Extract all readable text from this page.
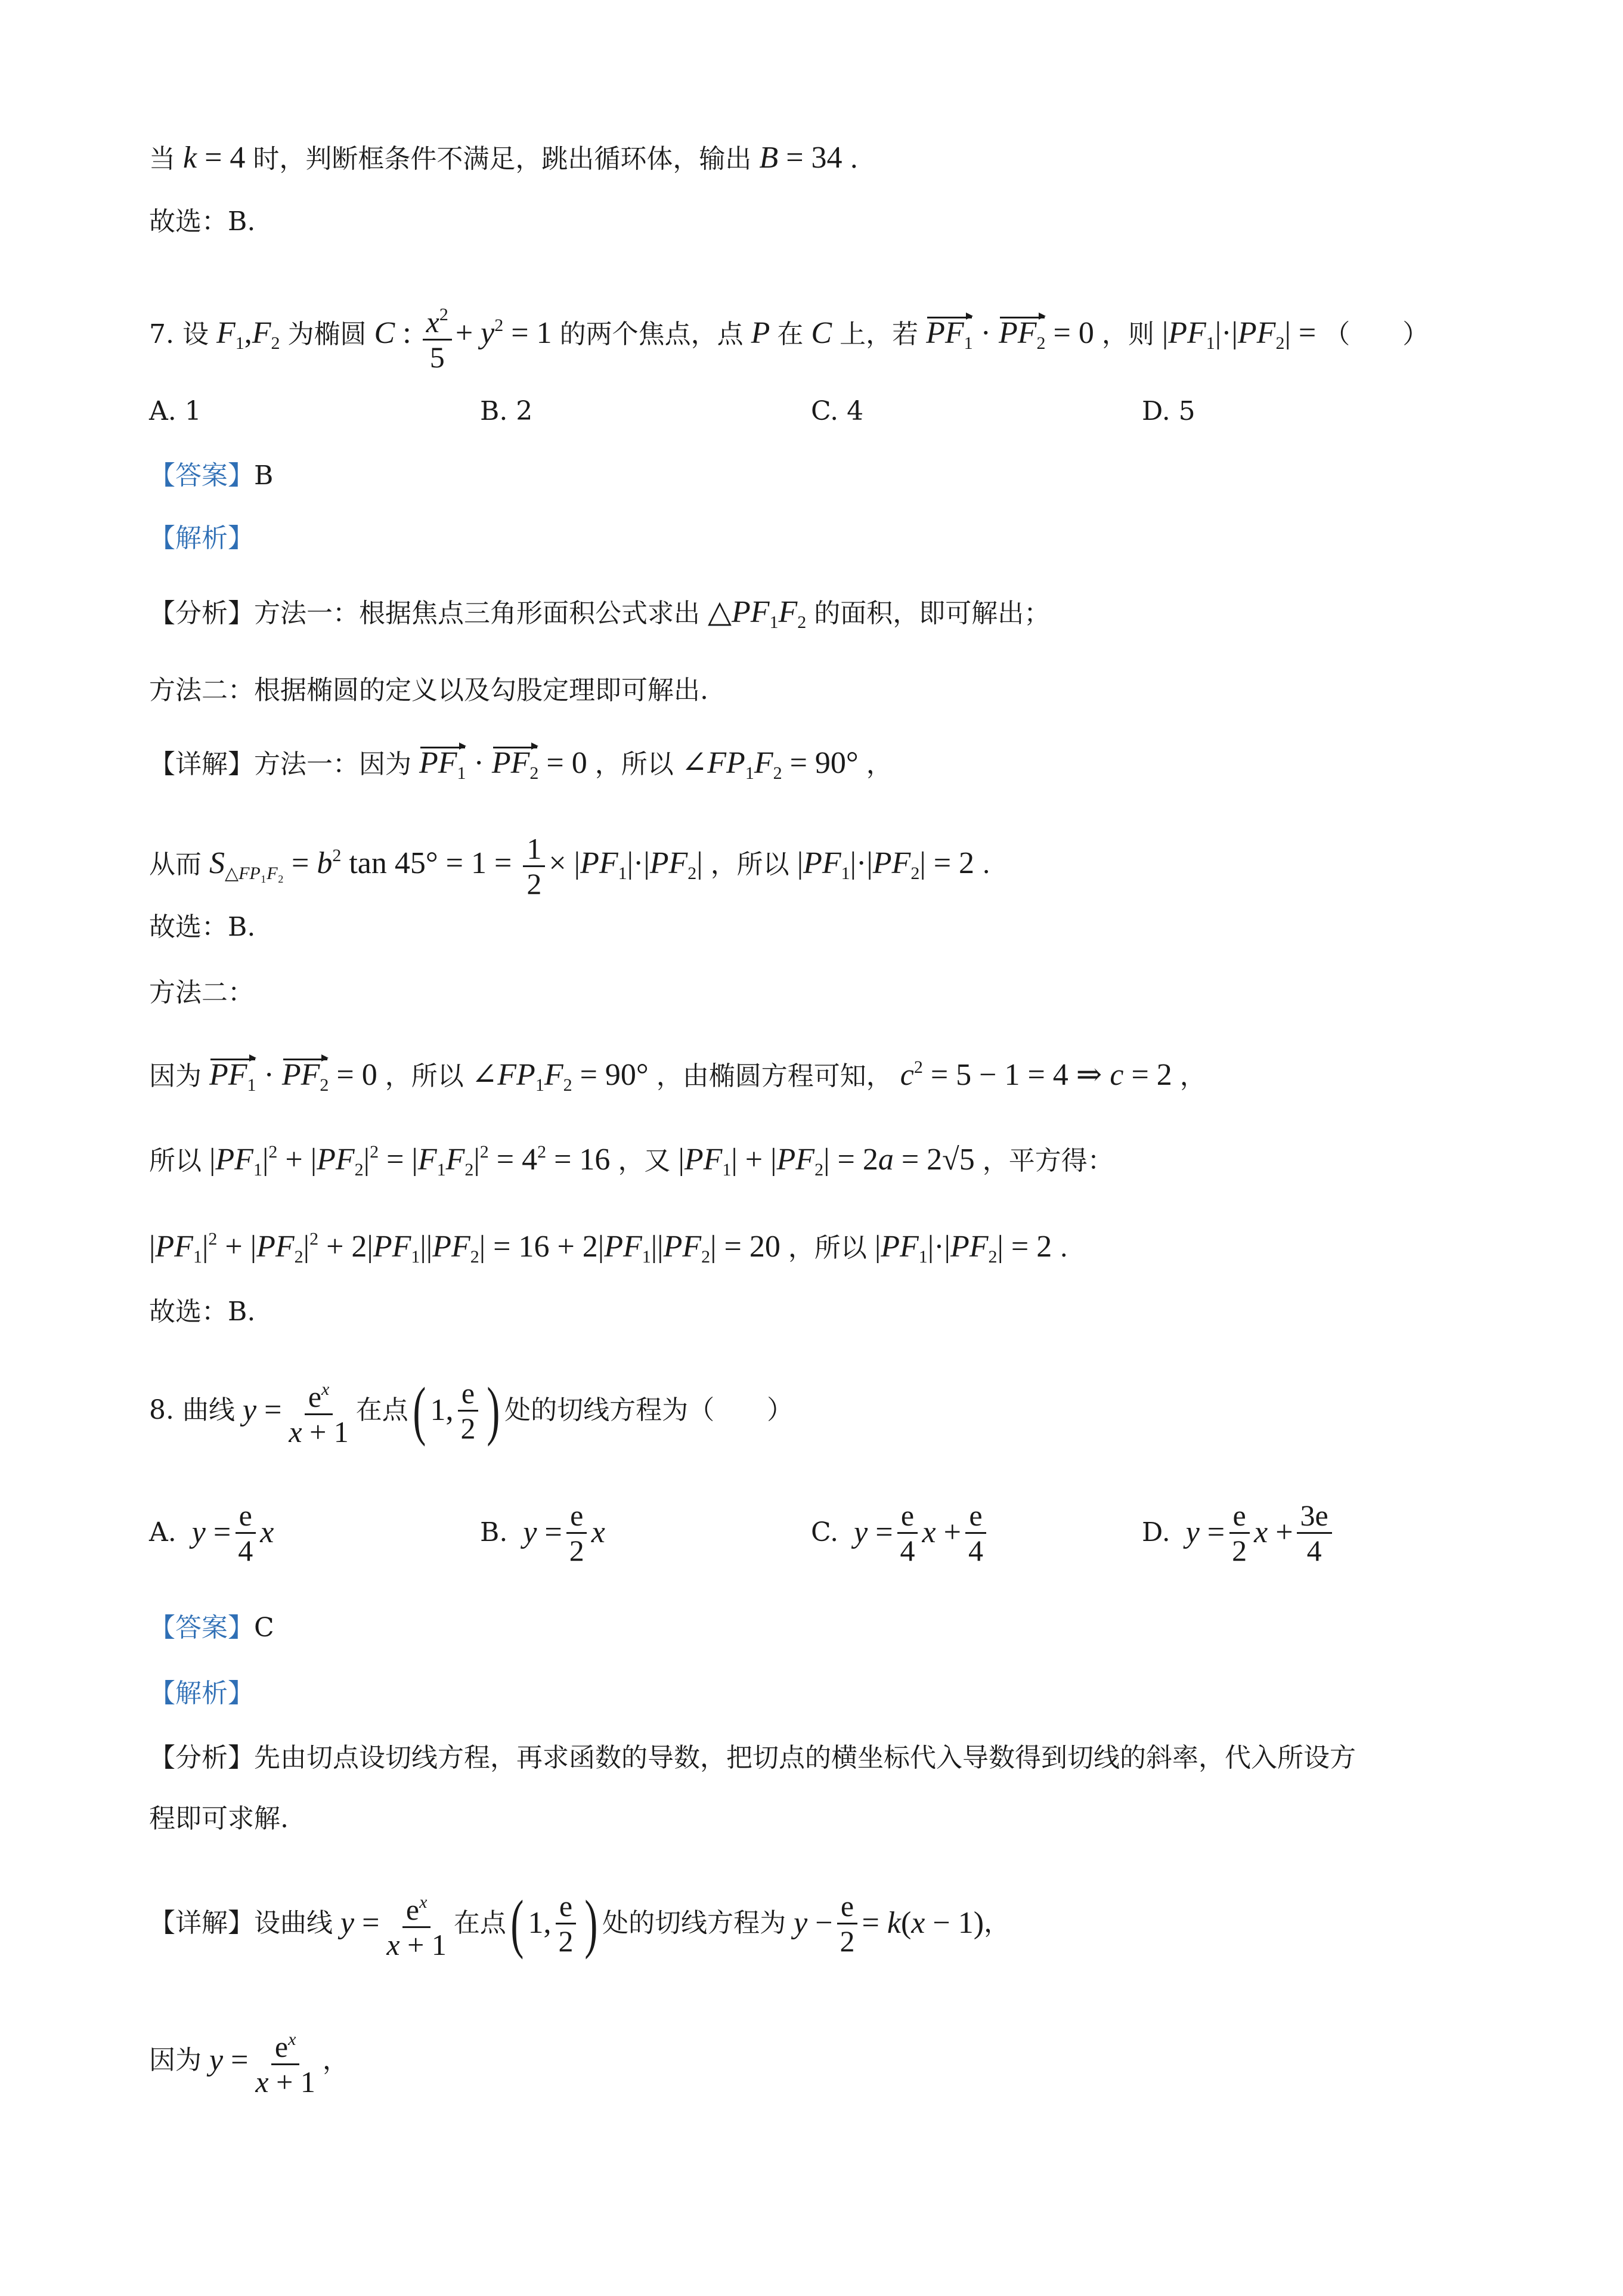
当 k = 4 时，判断框条件不满足，跳出循环体，输出 B = 34 ．
故选：B.
7. 设 $F_1,F_2$ 为椭圆 C : $\frac{x^2}{5} + y^2 = 1$ 的两个焦点，点 P 在 C 上，若 $PF_1 \cdot PF_2 = 0$ ，则 $|PF_1|\cdot|PF_2|$ = （　　）
A. 1	B. 2	C. 4	D. 5
【答案】B
【解析】
【分析】方法一：根据焦点三角形面积公式求出 $\triangle PF_1F_2$ 的面积，即可解出；
方法二：根据椭圆的定义以及勾股定理即可解出.
【详解】方法一：因为 $PF_1 \cdot PF_2 = 0$ ，所以 $\angle FP_1F_2 = 90^\circ$ ，
从而 $S_{\triangle FP_1F_2} = b^2$ $\tan 45^\circ = 1 = \frac{1}{2} \times |PF_1|\cdot|PF_2|$ ，所以 $|PF_1|\cdot|PF_2| = 2$ .
故选：B.
方法二：
因为 $PF_1 \cdot PF_2 = 0$ ，所以 $\angle FP_1F_2 = 90^\circ$ ，由椭圆方程可知， $c^2 = 5 - 1 = 4$ ⇒ c = 2 ，
所以 $|PF_1|^2 + |PF_2|^2 = |F_1F_2|^2 = 4^2 = 16$ ，又 $|PF_1| + |PF_2| = 2a = 2√5$ ，平方得：
$|PF_1|^2 + |PF_2|^2 + 2|PF_1||PF_2| = 16 + 2|PF_1||PF_2| = 20$ ，所以 $|PF_1|\cdot|PF_2| = 2$ .
故选：B.
8. 曲线 $y = \frac{e^x}{x + 1}$ 在点 ( 1, $\frac{e}{2}$ ) 处的切线方程为（　　）
A. $y = \frac{e}{4}$ x	B. $y = \frac{e}{2}$ x	C. $y = \frac{e}{4}$ $x + \frac{e}{4}$	D. $y = \frac{e}{2}$ $x + \frac{3e}{4}$
【答案】C
【解析】
【分析】先由切点设切线方程，再求函数的导数，把切点的横坐标代入导数得到切线的斜率，代入所设方
程即可求解.
【详解】 设曲线 $y = \frac{e^x}{x + 1}$ 在点 ( 1, $\frac{e}{2}$ ) 处的切线方程为 $y - \frac{e}{2} = k(x - 1)$ ，
因为 $y = \frac{e^x}{x + 1}$ ，
